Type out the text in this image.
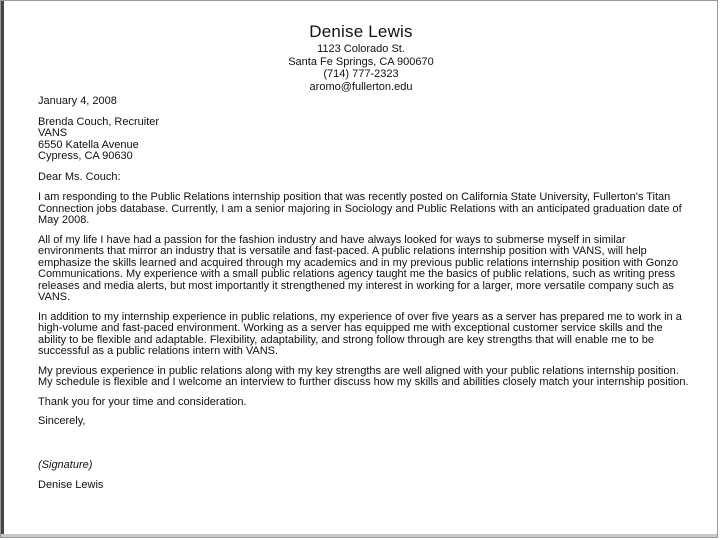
Denise Lewis
1123 Colorado St.
Santa Fe Springs, CA 900670
(714) 777-2323
aromo@fullerton.edu

January 4, 2008

Brenda Couch, Recruiter

VANS

6550 Katella Avenue

Cypress, CA 90630

Dear Ms. Couch:

I am responding to the Public Relations internship position that was recently posted on California State University, Fullerton's Titan Connection jobs database. Currently, I am a senior majoring in Sociology and Public Relations with an anticipated graduation date of May 2008.

All of my life I have had a passion for the fashion industry and have always looked for ways to submerse myself in similar environments that mirror an industry that is versatile and fast-paced. A public relations internship position with VANS, will help emphasize the skills learned and acquired through my academics and in my previous public relations internship position with Gonzo Communications. My experience with a small public relations agency taught me the basics of public relations, such as writing press releases and media alerts, but most importantly it strengthened my interest in working for a larger, more versatile company such as VANS.

In addition to my internship experience in public relations, my experience of over five years as a server has prepared me to work in a high-volume and fast-paced environment. Working as a server has equipped me with exceptional customer service skills and the ability to be flexible and adaptable. Flexibility, adaptability, and strong follow through are key strengths that will enable me to be successful as a public relations intern with VANS.

My previous experience in public relations along with my key strengths are well aligned with your public relations internship position. My schedule is flexible and I welcome an interview to further discuss how my skills and abilities closely match your internship position.

Thank you for your time and consideration.

Sincerely,

(Signature)

Denise Lewis
